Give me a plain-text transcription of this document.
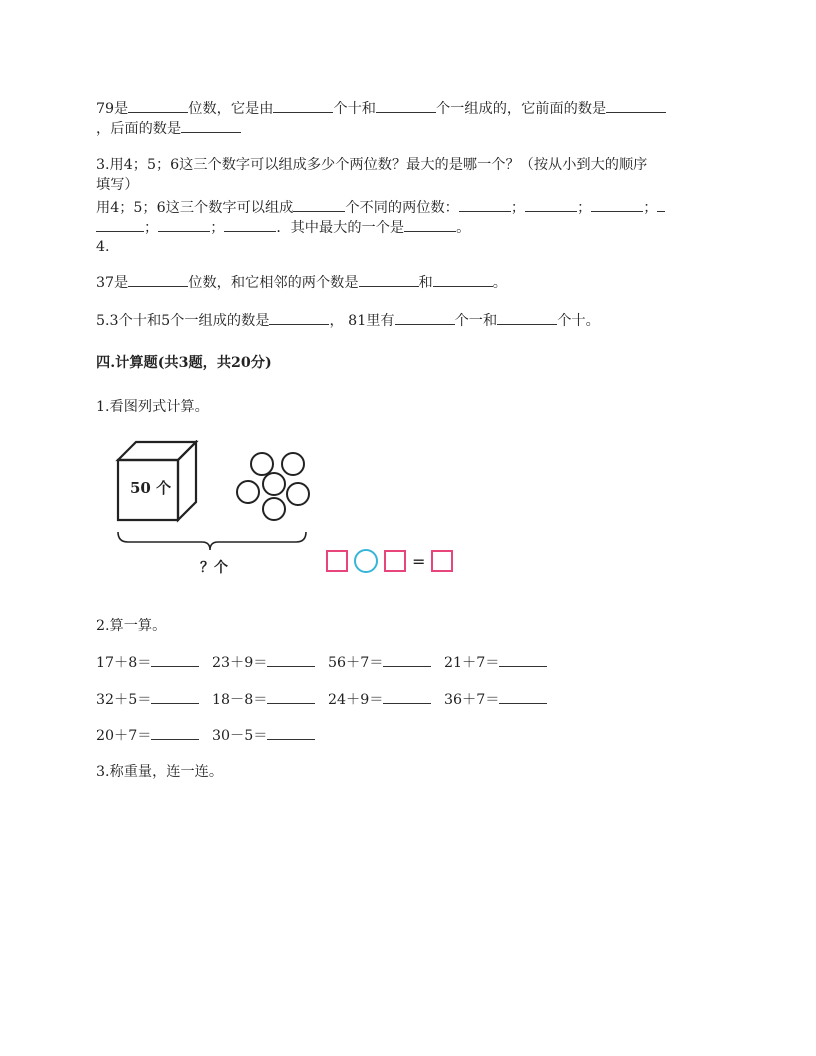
79是	位数，它是由	个十和	个一组成的，它前面的数是
，后面的数是
3.用4；5；6这三个数字可以组成多少个两位数？最大的是哪一个？（按从小到大的顺序
填写）
用4；5；6这三个数字可以组成	个不同的两位数：	；	；	；
；	；	．其中最大的一个是	。
4.
37是	位数，和它相邻的两个数是	和	。
5.3个十和5个一组成的数是	， 81里有	个一和	个十。
四.计算题(共3题，共20分)
1.看图列式计算。
50 个
？个	=
2.算一算。
17＋8＝	23＋9＝	56＋7＝	21＋7＝
32＋5＝	18－8＝	24＋9＝	36＋7＝
20＋7＝	30－5＝
3.称重量，连一连。
